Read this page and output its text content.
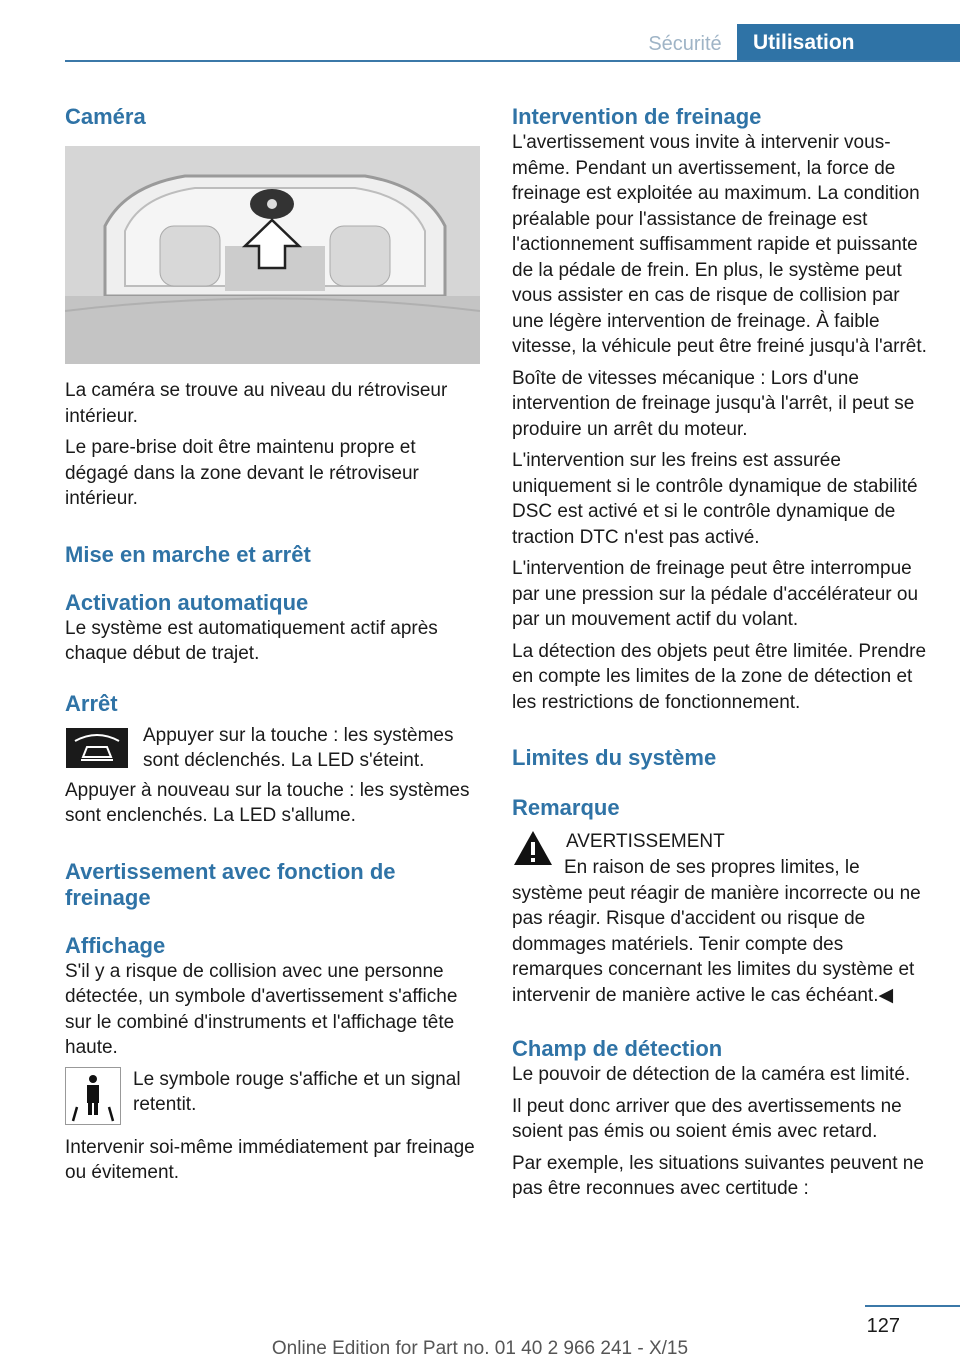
Sécurité	Utilisation
Caméra

La caméra se trouve au niveau du rétroviseur intérieur.

Le pare-brise doit être maintenu propre et dégagé dans la zone devant le rétroviseur intérieur.

Mise en marche et arrêt
Activation automatique

Le système est automatiquement actif après chaque début de trajet.

Arrêt

Appuyer sur la touche : les systèmes sont déclenchés. La LED s'éteint.

Appuyer à nouveau sur la touche : les systèmes sont enclenchés. La LED s'allume.

Avertissement avec fonction de freinage
Affichage

S'il y a risque de collision avec une personne détectée, un symbole d'avertissement s'affiche sur le combiné d'instruments et l'affichage tête haute.

Le symbole rouge s'affiche et un signal retentit.

Intervenir soi-même immédiatement par freinage ou évitement.

Intervention de freinage

L'avertissement vous invite à intervenir vous-même. Pendant un avertissement, la force de freinage est exploitée au maximum. La condition préalable pour l'assistance de freinage est l'actionnement suffisamment rapide et puissante de la pédale de frein. En plus, le système peut vous assister en cas de risque de collision par une légère intervention de freinage. À faible vitesse, la véhicule peut être freiné jusqu'à l'arrêt.

Boîte de vitesses mécanique : Lors d'une intervention de freinage jusqu'à l'arrêt, il peut se produire un arrêt du moteur.

L'intervention sur les freins est assurée uniquement si le contrôle dynamique de stabilité DSC est activé et si le contrôle dynamique de traction DTC n'est pas activé.

L'intervention de freinage peut être interrompue par une pression sur la pédale d'accélérateur ou par un mouvement actif du volant.

La détection des objets peut être limitée. Prendre en compte les limites de la zone de détection et les restrictions de fonctionnement.

Limites du système
Remarque

AVERTISSEMENT

En raison de ses propres limites, le système peut réagir de manière incorrecte ou ne pas réagir. Risque d'accident ou risque de dommages matériels. Tenir compte des remarques concernant les limites du système et intervenir de manière active le cas échéant.◀

Champ de détection

Le pouvoir de détection de la caméra est limité.

Il peut donc arriver que des avertissements ne soient pas émis ou soient émis avec retard.

Par exemple, les situations suivantes peuvent ne pas être reconnues avec certitude :

127
Online Edition for Part no. 01 40 2 966 241 - X/15
